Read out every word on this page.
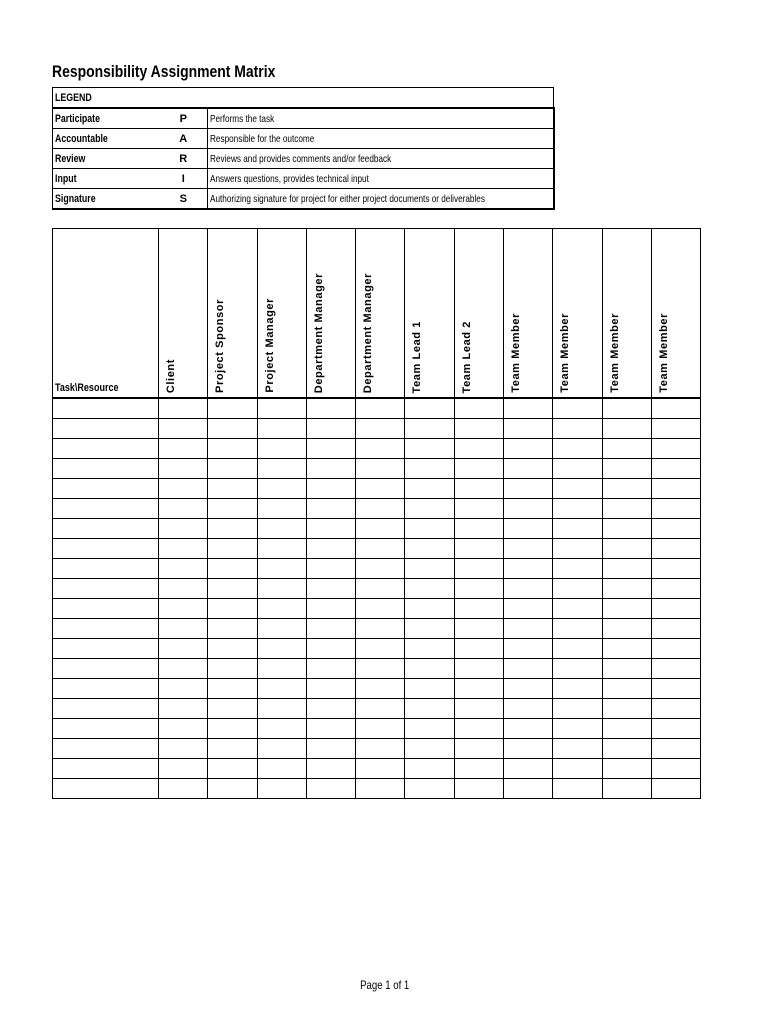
Responsibility Assignment Matrix
LEGEND		
Participate	P	Performs the task
Accountable	A	Responsible for the outcome
Review	R	Reviews and provides comments and/or feedback
Input	I	Answers questions, provides technical input
Signature	S	Authorizing signature for project for either project documents or deliverables
Task\Resource	Client	Project Sponsor	Project Manager	Department Manager	Department Manager	Team Lead 1	Team Lead 2	Team Member	Team Member	Team Member	Team Member

Page 1 of 1
